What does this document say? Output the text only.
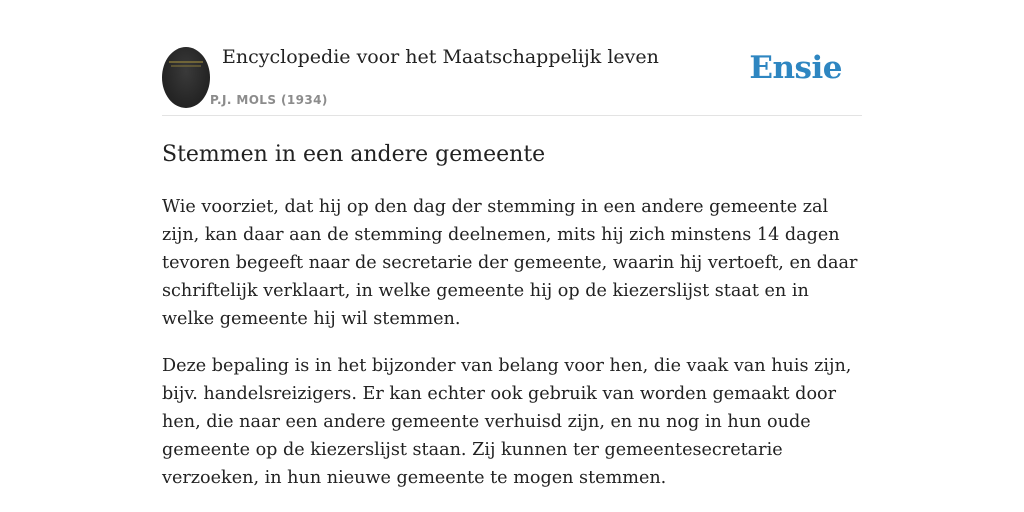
Encyclopedie voor het Maatschappelijk leven
P.J. MOLS (1934)
Ensie
Stemmen in een andere gemeente

Wie voorziet, dat hij op den dag der stemming in een andere gemeente zal zijn, kan daar aan de stemming deelnemen, mits hij zich minstens 14 dagen tevoren begeeft naar de secretarie der gemeente, waarin hij vertoeft, en daar schriftelijk verklaart, in welke gemeente hij op de kiezerslijst staat en in welke gemeente hij wil stemmen.

Deze bepaling is in het bijzonder van belang voor hen, die vaak van huis zijn, bijv. handelsreizigers. Er kan echter ook gebruik van worden gemaakt door hen, die naar een andere gemeente verhuisd zijn, en nu nog in hun oude gemeente op de kiezerslijst staan. Zij kunnen ter gemeentesecretarie verzoeken, in hun nieuwe gemeente te mogen stemmen.
